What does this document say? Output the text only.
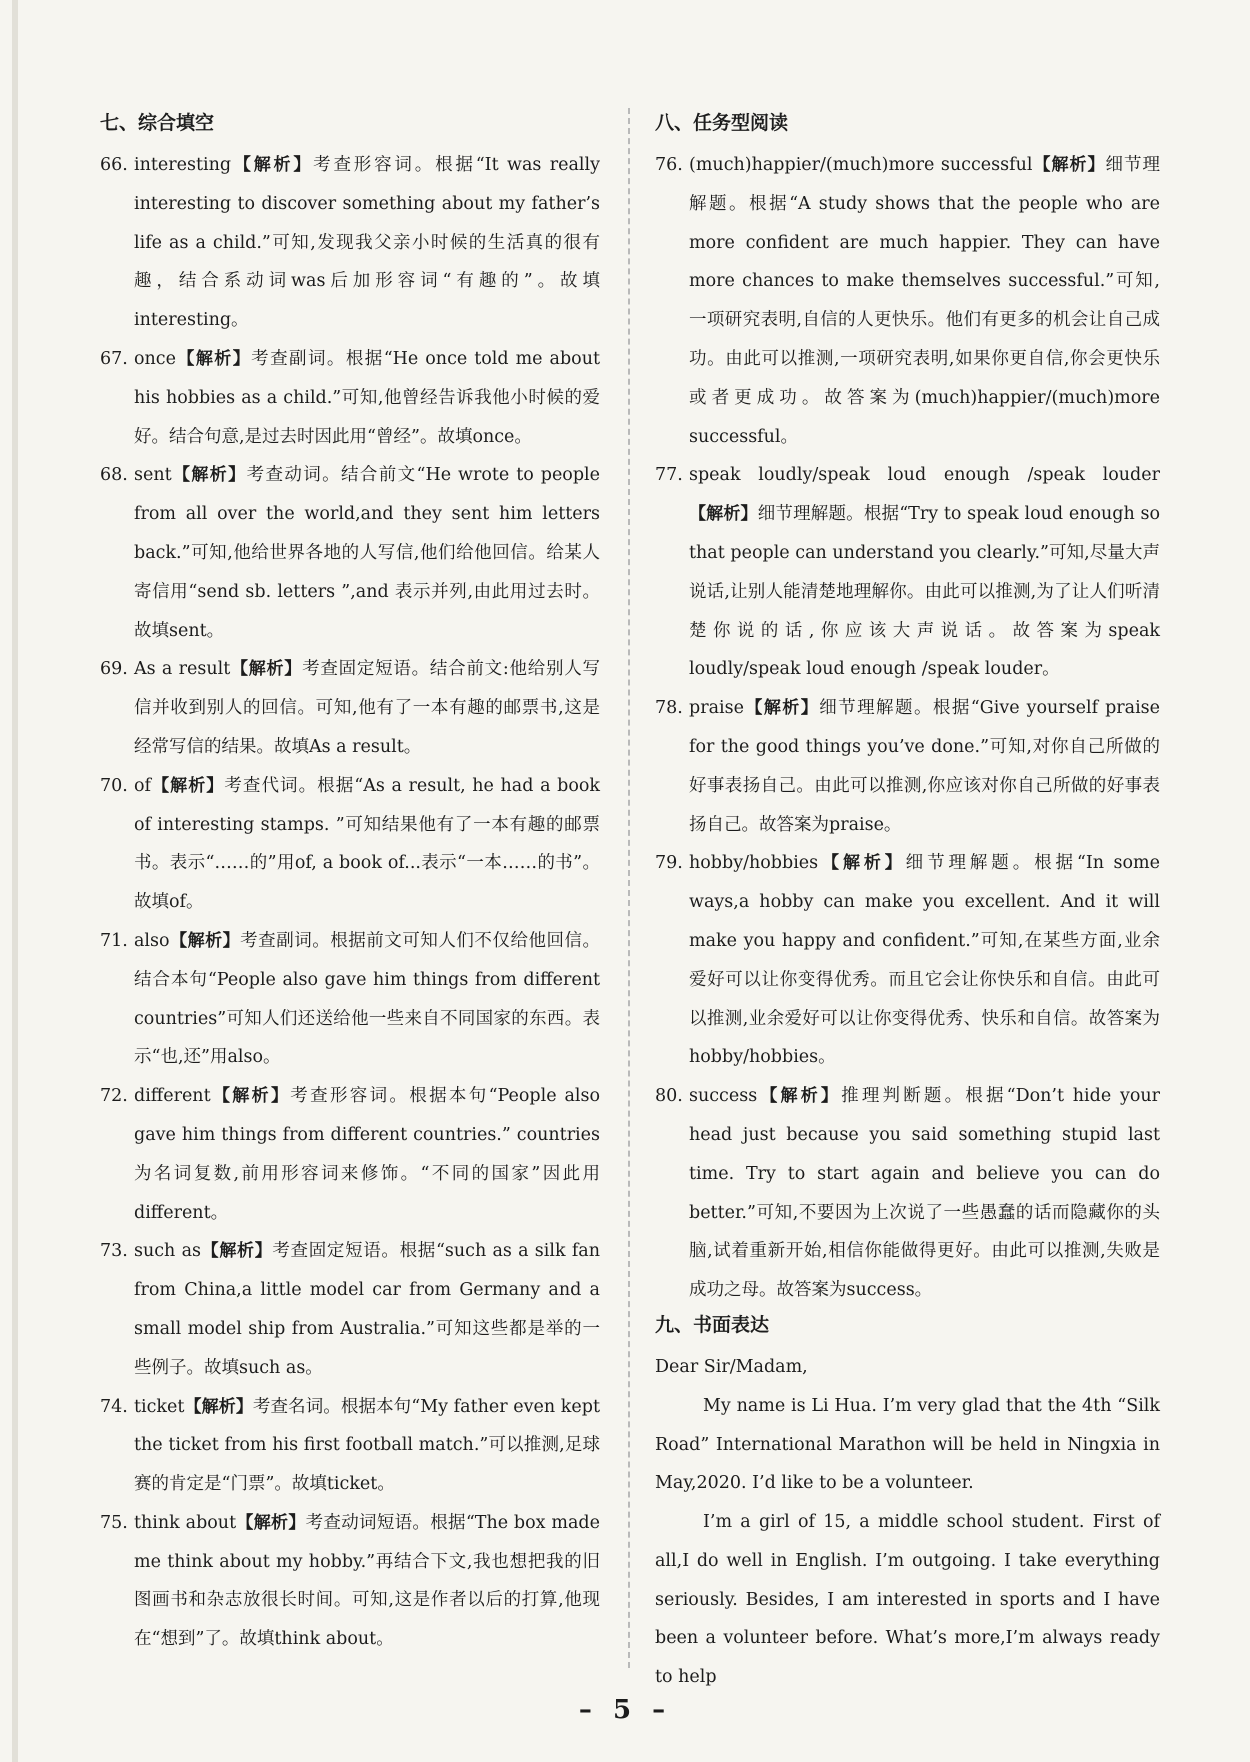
七、综合填空

66. interesting【解析】考查形容词。根据“It was really interesting to discover something about my father’s life as a child.”可知,发现我父亲小时候的生活真的很有趣，结合系动词was后加形容词“有趣的”。故填interesting。

67. once【解析】考查副词。根据“He once told me about his hobbies as a child.”可知,他曾经告诉我他小时候的爱好。结合句意,是过去时因此用“曾经”。故填once。

68. sent【解析】考查动词。结合前文“He wrote to people from all over the world,and they sent him letters back.”可知,他给世界各地的人写信,他们给他回信。给某人寄信用“send sb. letters ”,and 表示并列,由此用过去时。故填sent。

69. As a result【解析】考查固定短语。结合前文:他给别人写信并收到别人的回信。可知,他有了一本有趣的邮票书,这是经常写信的结果。故填As a result。

70. of【解析】考查代词。根据“As a result, he had a book of interesting stamps. ”可知结果他有了一本有趣的邮票书。表示“……的”用of, a book of...表示“一本……的书”。故填of。

71. also【解析】考查副词。根据前文可知人们不仅给他回信。结合本句“People also gave him things from different countries”可知人们还送给他一些来自不同国家的东西。表示“也,还”用also。

72. different【解析】考查形容词。根据本句“People also gave him things from different countries.” countries为名词复数,前用形容词来修饰。“不同的国家”因此用different。

73. such as【解析】考查固定短语。根据“such as a silk fan from China,a little model car from Germany and a small model ship from Australia.”可知这些都是举的一些例子。故填such as。

74. ticket【解析】考查名词。根据本句“My father even kept the ticket from his first football match.”可以推测,足球赛的肯定是“门票”。故填ticket。

75. think about【解析】考查动词短语。根据“The box made me think about my hobby.”再结合下文,我也想把我的旧图画书和杂志放很长时间。可知,这是作者以后的打算,他现在“想到”了。故填think about。

八、任务型阅读

76. (much)happier/(much)more successful【解析】细节理解题。根据“A study shows that the people who are more confident are much happier. They can have more chances to make themselves successful.”可知,一项研究表明,自信的人更快乐。他们有更多的机会让自己成功。由此可以推测,一项研究表明,如果你更自信,你会更快乐或者更成功。故答案为(much)happier/(much)more successful。

77. speak loudly/speak loud enough /speak louder【解析】细节理解题。根据“Try to speak loud enough so that people can understand you clearly.”可知,尽量大声说话,让别人能清楚地理解你。由此可以推测,为了让人们听清楚你说的话,你应该大声说话。故答案为speak loudly/speak loud enough /speak louder。

78. praise【解析】细节理解题。根据“Give yourself praise for the good things you’ve done.”可知,对你自己所做的好事表扬自己。由此可以推测,你应该对你自己所做的好事表扬自己。故答案为praise。

79. hobby/hobbies【解析】细节理解题。根据“In some ways,a hobby can make you excellent. And it will make you happy and confident.”可知,在某些方面,业余爱好可以让你变得优秀。而且它会让你快乐和自信。由此可以推测,业余爱好可以让你变得优秀、快乐和自信。故答案为hobby/hobbies。

80. success【解析】推理判断题。根据“Don’t hide your head just because you said something stupid last time. Try to start again and believe you can do better.”可知,不要因为上次说了一些愚蠢的话而隐藏你的头脑,试着重新开始,相信你能做得更好。由此可以推测,失败是成功之母。故答案为success。

九、书面表达

Dear Sir/Madam,

My name is Li Hua. I’m very glad that the 4th “Silk Road” International Marathon will be held in Ningxia in May,2020. I’d like to be a volunteer.

I’m a girl of 15, a middle school student. First of all,I do well in English. I’m outgoing. I take everything seriously. Besides, I am interested in sports and I have been a volunteer before. What’s more,I’m always ready to help

– 5 –
